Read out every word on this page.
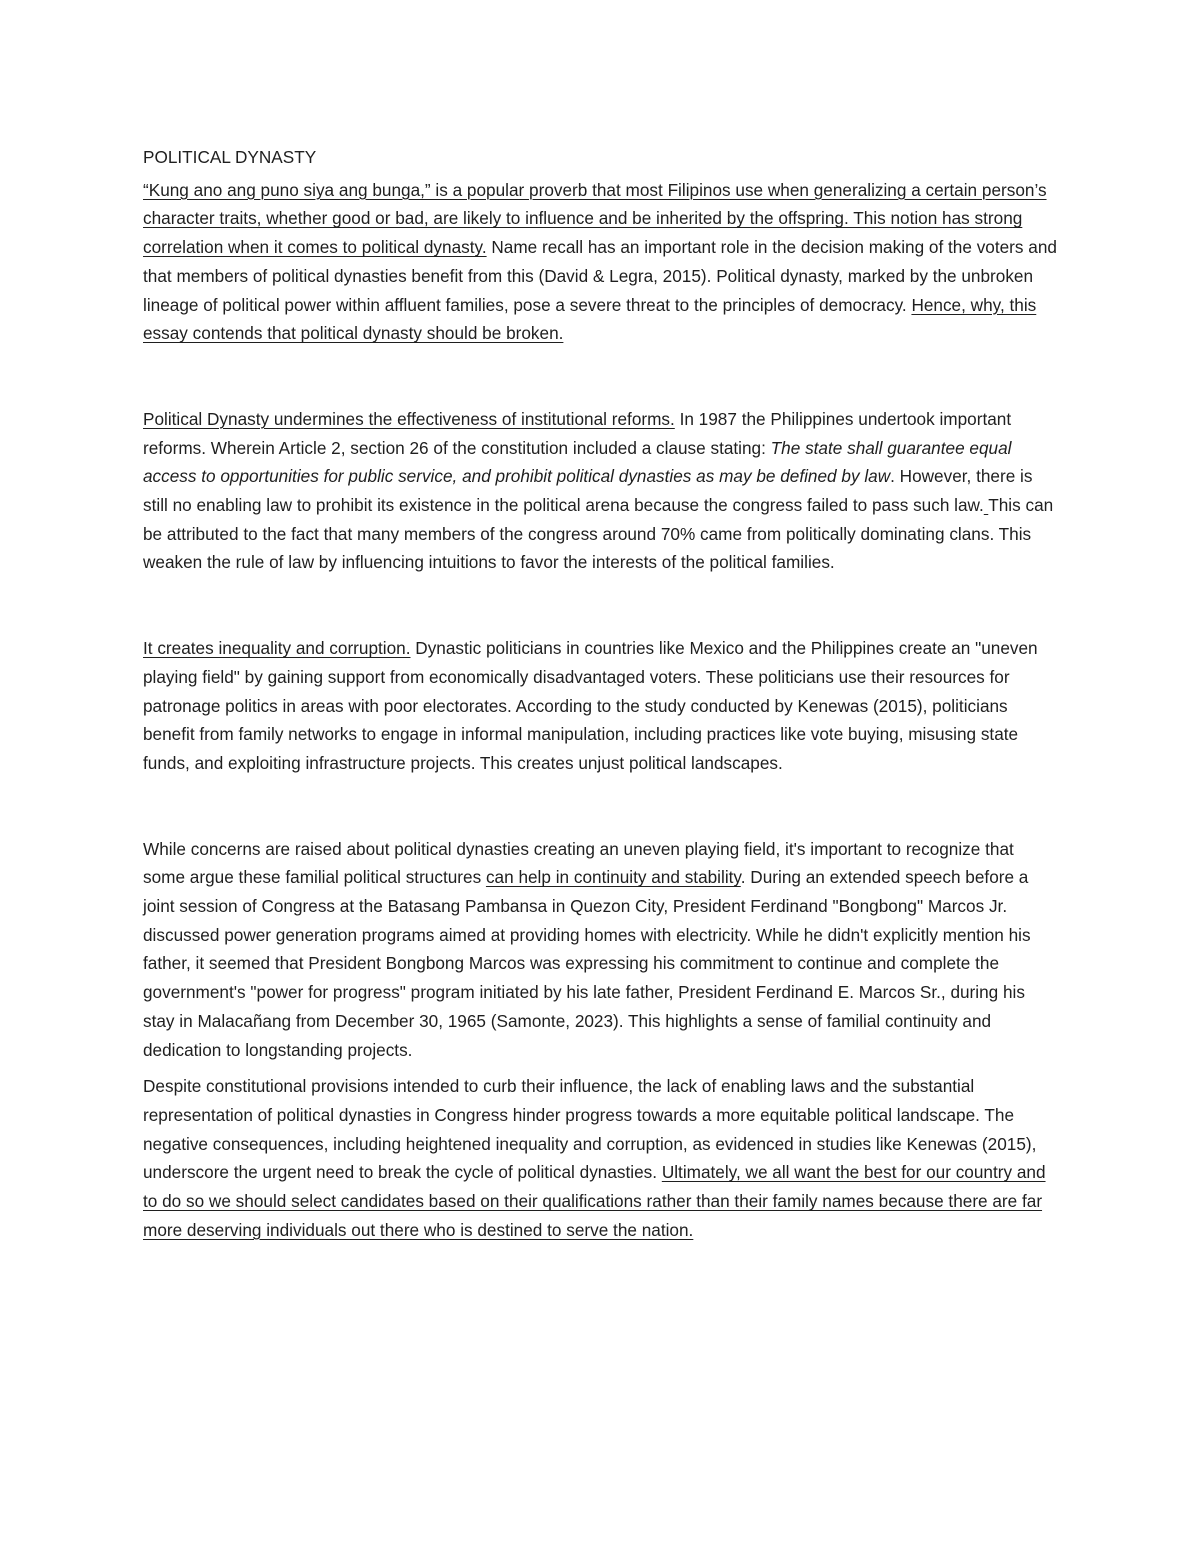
POLITICAL DYNASTY

“Kung ano ang puno siya ang bunga,” is a popular proverb that most Filipinos use when generalizing a certain person’s character traits, whether good or bad, are likely to influence and be inherited by the offspring. This notion has strong correlation when it comes to political dynasty. Name recall has an important role in the decision making of the voters and that members of political dynasties benefit from this (David & Legra, 2015). Political dynasty, marked by the unbroken lineage of political power within affluent families, pose a severe threat to the principles of democracy. Hence, why, this essay contends that political dynasty should be broken.

Political Dynasty undermines the effectiveness of institutional reforms. In 1987 the Philippines undertook important reforms. Wherein Article 2, section 26 of the constitution included a clause stating: The state shall guarantee equal access to opportunities for public service, and prohibit political dynasties as may be defined by law. However, there is still no enabling law to prohibit its existence in the political arena because the congress failed to pass such law. This can be attributed to the fact that many members of the congress around 70% came from politically dominating clans. This weaken the rule of law by influencing intuitions to favor the interests of the political families.

It creates inequality and corruption. Dynastic politicians in countries like Mexico and the Philippines create an "uneven playing field" by gaining support from economically disadvantaged voters. These politicians use their resources for patronage politics in areas with poor electorates. According to the study conducted by Kenewas (2015), politicians benefit from family networks to engage in informal manipulation, including practices like vote buying, misusing state funds, and exploiting infrastructure projects. This creates unjust political landscapes.

While concerns are raised about political dynasties creating an uneven playing field, it's important to recognize that some argue these familial political structures can help in continuity and stability. During an extended speech before a joint session of Congress at the Batasang Pambansa in Quezon City, President Ferdinand "Bongbong" Marcos Jr. discussed power generation programs aimed at providing homes with electricity. While he didn't explicitly mention his father, it seemed that President Bongbong Marcos was expressing his commitment to continue and complete the government's "power for progress" program initiated by his late father, President Ferdinand E. Marcos Sr., during his stay in Malacañang from December 30, 1965 (Samonte, 2023). This highlights a sense of familial continuity and dedication to longstanding projects.

Despite constitutional provisions intended to curb their influence, the lack of enabling laws and the substantial representation of political dynasties in Congress hinder progress towards a more equitable political landscape. The negative consequences, including heightened inequality and corruption, as evidenced in studies like Kenewas (2015), underscore the urgent need to break the cycle of political dynasties. Ultimately, we all want the best for our country and to do so we should select candidates based on their qualifications rather than their family names because there are far more deserving individuals out there who is destined to serve the nation.
